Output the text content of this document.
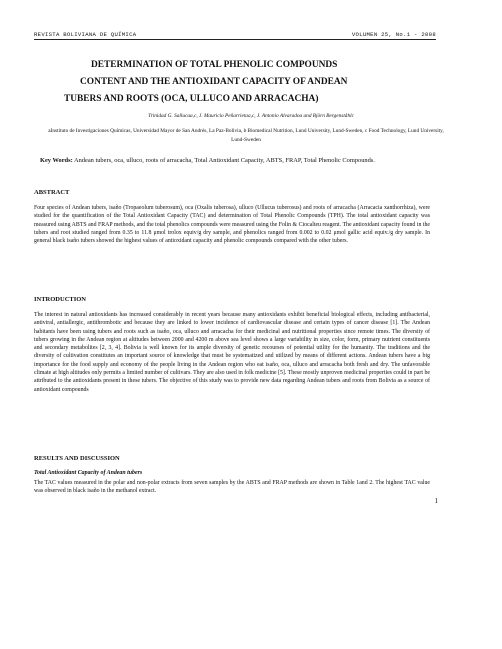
REVISTA BOLIVIANA DE QUÍMICA	VOLUMEN 25, No.1 - 2008
DETERMINATION OF TOTAL PHENOLIC COMPOUNDS
CONTENT AND THE ANTIOXIDANT CAPACITY OF ANDEAN
TUBERS AND ROOTS (OCA, ULLUCO AND ARRACACHA)
Trinidad G. Sallucaa,c, J. Mauricio Peñarrietaa,c, J. Antonio Alvaradoa and Björn Bergenståhlc
aInstituto de Investigaciones Químicas, Universidad Mayor de San Andrés, La Paz-Bolivia, b Biomedical Nutrition, Lund University, Lund-Sweden, c Food Technology, Lund University, Lund-Sweden
Key Words: Andean tubers, oca, ulluco, roots of arracacha, Total Antioxidant Capacity, ABTS, FRAP, Total Phenolic Compounds.
ABSTRACT
Four species of Andean tubers, isaño (Tropaeolum tuberosum), oca (Oxalis tuberosa), ulluco (Ullucus tuberosus) and roots of arracacha (Arracacia xanthorrhiza), were studied for the quantification of the Total Antioxidant Capacity (TAC) and determination of Total Phenolic Compounds (TPH). The total antioxidant capacity was measured using ABTS and FRAP methods, and the total phenolics compounds were measured using the Folin & Ciocalteu reagent. The antioxidant capacity found in the tubers and root studied ranged from 0.35 to 11.8 μmol trolox equiv/g dry sample, and phenolics ranged from 0.002 to 0.02 μmol gallic acid equiv./g dry sample. In general black isaño tubers showed the highest values of antioxidant capacity and phenolic compounds compared with the other tubers.
INTRODUCTION
The interest in natural antioxidants has increased considerably in recent years because many antioxidants exhibit beneficial biological effects, including antibacterial, antiviral, antiallergic, antithrombotic and because they are linked to lower incidence of cardiovascular disease and certain types of cancer disease [1]. The Andean habitants have been using tubers and roots such as isaño, oca, ulluco and arracacha for their medicinal and nutritional properties since remote times. The diversity of tubers growing in the Andean region at altitudes between 2000 and 4200 m above sea level shows a large variability in size, color, form, primary nutrient constituents and secondary metabolites [2, 3, 4]. Bolivia is well known for its ample diversity of genetic recourses of potential utility for the humanity. The traditions and the diversity of cultivation constitutes an important source of knowledge that must be systematized and utilized by means of different actions. Andean tubers have a big importance for the food supply and economy of the people living in the Andean region who eat isaño, oca, ulluco and arracacha both fresh and dry. The unfavorable climate at high altitudes only permits a limited number of cultivars. They are also used in folk medicine [5]. These mostly unproven medicinal properties could in part be attributed to the antioxidants present in these tubers. The objective of this study was to provide new data regarding Andean tubers and roots from Bolivia as a source of antioxidant compounds
RESULTS AND DISCUSSION
Total Antioxidant Capacity of Andean tubers
The TAC values measured in the polar and non-polar extracts from seven samples by the ABTS and FRAP methods are shown in Table 1and 2. The highest TAC value was observed in black isaño in the methanol extract.
1
